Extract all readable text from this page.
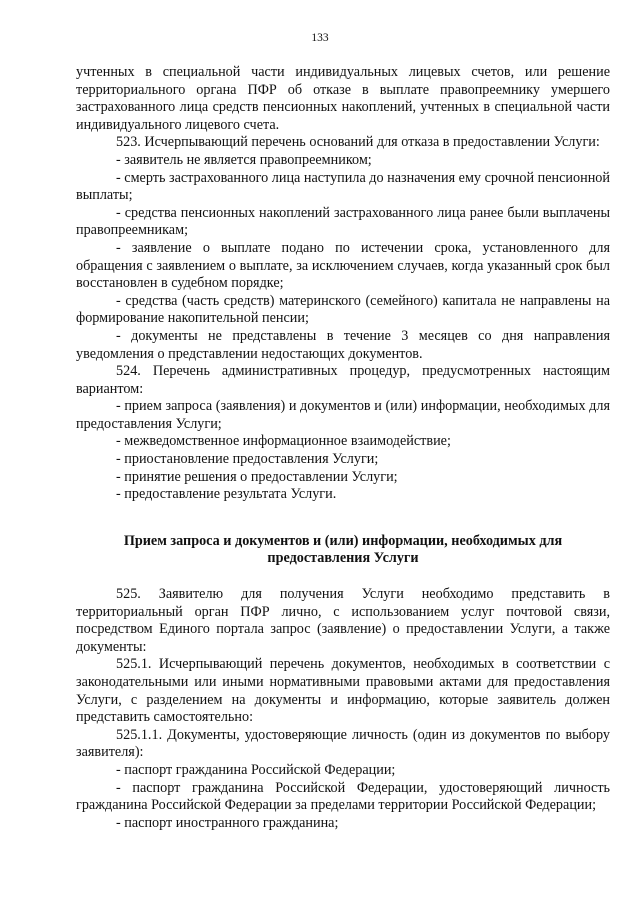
133

учтенных в специальной части индивидуальных лицевых счетов, или решение территориального органа ПФР об отказе в выплате правопреемнику умершего застрахованного лица средств пенсионных накоплений, учтенных в специальной части индивидуального лицевого счета.

523. Исчерпывающий перечень оснований для отказа в предоставлении Услуги:

- заявитель не является правопреемником;

- смерть застрахованного лица наступила до назначения ему срочной пенсионной выплаты;

- средства пенсионных накоплений застрахованного лица ранее были выплачены правопреемникам;

- заявление о выплате подано по истечении срока, установленного для обращения с заявлением о выплате, за исключением случаев, когда указанный срок был восстановлен в судебном порядке;

- средства (часть средств) материнского (семейного) капитала не направлены на формирование накопительной пенсии;

- документы не представлены в течение 3 месяцев со дня направления уведомления о представлении недостающих документов.

524. Перечень административных процедур, предусмотренных настоящим вариантом:

- прием запроса (заявления) и документов и (или) информации, необходимых для предоставления Услуги;

- межведомственное информационное взаимодействие;

- приостановление предоставления Услуги;

- принятие решения о предоставлении Услуги;

- предоставление результата Услуги.

Прием запроса и документов и (или) информации, необходимых для предоставления Услуги

525. Заявителю для получения Услуги необходимо представить в территориальный орган ПФР лично, с использованием услуг почтовой связи, посредством Единого портала запрос (заявление) о предоставлении Услуги, а также документы:

525.1. Исчерпывающий перечень документов, необходимых в соответствии с законодательными или иными нормативными правовыми актами для предоставления Услуги, с разделением на документы и информацию, которые заявитель должен представить самостоятельно:

525.1.1. Документы, удостоверяющие личность (один из документов по выбору заявителя):

- паспорт гражданина Российской Федерации;

- паспорт гражданина Российской Федерации, удостоверяющий личность гражданина Российской Федерации за пределами территории Российской Федерации;

- паспорт иностранного гражданина;
